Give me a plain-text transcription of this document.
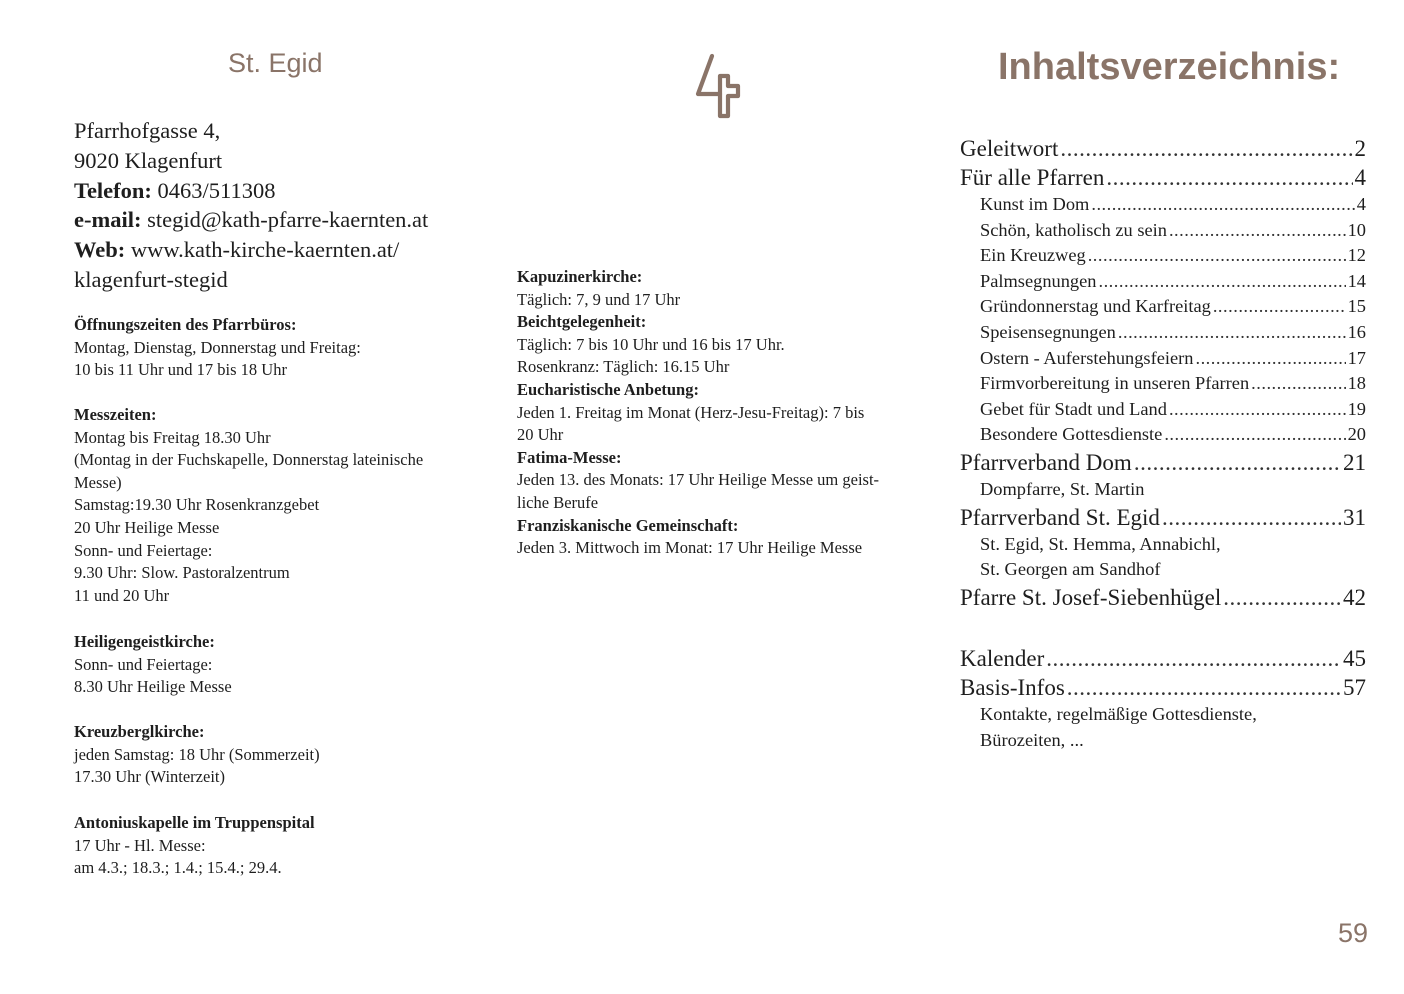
St. Egid
Pfarrhofgasse 4,
9020 Klagenfurt
Telefon: 0463/511308
e-mail: stegid@kath-pfarre-kaernten.at
Web: www.kath-kirche-kaernten.at/
klagenfurt-stegid
Öffnungszeiten des Pfarrbüros:
Montag, Dienstag, Donnerstag und Freitag:
10 bis 11 Uhr und 17 bis 18 Uhr
Messzeiten:
Montag bis Freitag 18.30 Uhr
(Montag in der Fuchskapelle, Donnerstag lateinische
Messe)
Samstag:19.30 Uhr Rosenkranzgebet
20 Uhr Heilige Messe
Sonn- und Feiertage:
9.30 Uhr: Slow. Pastoralzentrum
11 und 20 Uhr
Heiligengeistkirche:
Sonn- und Feiertage:
8.30 Uhr Heilige Messe
Kreuzberglkirche:
jeden Samstag: 18 Uhr (Sommerzeit)
17.30 Uhr (Winterzeit)
Antoniuskapelle im Truppenspital
17 Uhr - Hl. Messe:
am 4.3.; 18.3.; 1.4.; 15.4.; 29.4.
Kapuzinerkirche:
Täglich: 7, 9 und 17 Uhr
Beichtgelegenheit:
Täglich: 7 bis 10 Uhr und 16 bis 17 Uhr.
Rosenkranz: Täglich: 16.15 Uhr
Eucharistische Anbetung:
Jeden 1. Freitag im Monat (Herz-Jesu-Freitag): 7 bis
20 Uhr
Fatima-Messe:
Jeden 13. des Monats: 17 Uhr Heilige Messe um geist-
liche Berufe
Franziskanische Gemeinschaft:
Jeden 3. Mittwoch im Monat: 17 Uhr Heilige Messe
Inhaltsverzeichnis:
Geleitwort .....	2
Für alle Pfarren .....	4
Kunst im Dom .....	4
Schön, katholisch zu sein .....	10
Ein Kreuzweg .....	12
Palmsegnungen .....	14
Gründonnerstag und Karfreitag .....	15
Speisensegnungen .....	16
Ostern - Auferstehungsfeiern .....	17
Firmvorbereitung in unseren Pfarren .....	18
Gebet für Stadt und Land .....	19
Besondere Gottesdienste .....	20
Pfarrverband Dom .....	21
Dompfarre, St. Martin
Pfarrverband St. Egid .....	31
St. Egid, St. Hemma, Annabichl,
St. Georgen am Sandhof
Pfarre St. Josef-Siebenhügel .....	42
Kalender .....	45
Basis-Infos .....	57
Kontakte, regelmäßige Gottesdienste,
Bürozeiten, ...
59
